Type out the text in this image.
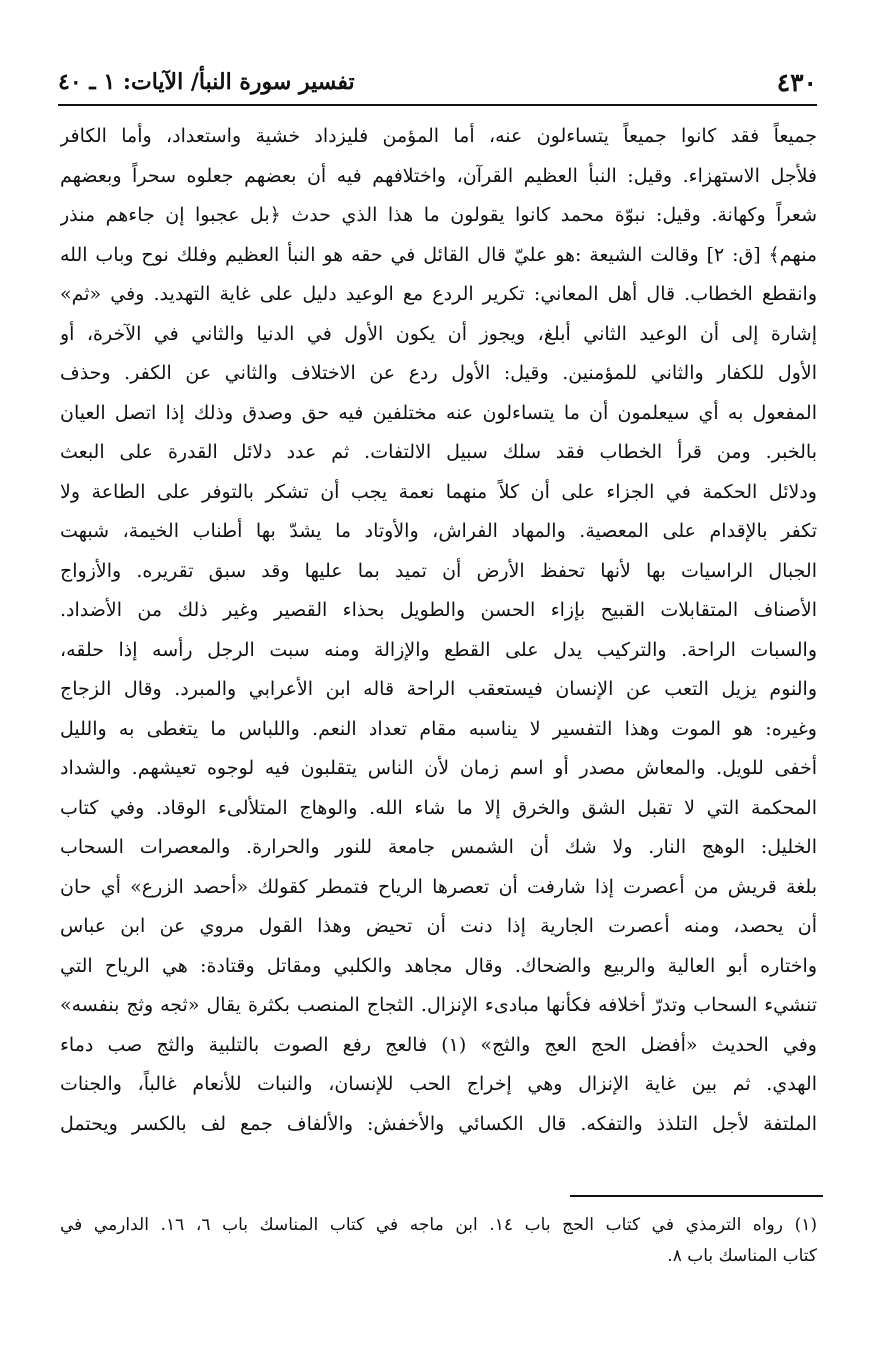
٤٣٠
تفسير سورة النبأ/ الآيات: ١ ـ ٤٠
جميعاً فقد كانوا جميعاً يتساءلون عنه، أما المؤمن فليزداد خشية واستعداد، وأما الكافر
فلأجل الاستهزاء. وقيل: النبأ العظيم القرآن، واختلافهم فيه أن بعضهم جعلوه سحراً وبعضهم
شعراً وكهانة. وقيل: نبوّة محمد كانوا يقولون ما هذا الذي حدث ﴿بل عجبوا إن جاءهم منذر
منهم﴾ [ق: ٢] وقالت الشيعة :هو عليّ قال القائل في حقه هو النبأ العظيم وفلك نوح وباب الله
وانقطع الخطاب. قال أهل المعاني: تكرير الردع مع الوعيد دليل على غاية التهديد. وفي «ثم»
إشارة إلى أن الوعيد الثاني أبلغ، ويجوز أن يكون الأول في الدنيا والثاني في الآخرة، أو
الأول للكفار والثاني للمؤمنين. وقيل: الأول ردع عن الاختلاف والثاني عن الكفر. وحذف
المفعول به أي سيعلمون أن ما يتساءلون عنه مختلفين فيه حق وصدق وذلك إذا اتصل العيان
بالخبر. ومن قرأ الخطاب فقد سلك سبيل الالتفات. ثم عدد دلائل القدرة على البعث
ودلائل الحكمة في الجزاء على أن كلاً منهما نعمة يجب أن تشكر بالتوفر على الطاعة ولا
تكفر بالإقدام على المعصية. والمهاد الفراش، والأوتاد ما يشدّ بها أطناب الخيمة، شبهت
الجبال الراسيات بها لأنها تحفظ الأرض أن تميد بما عليها وقد سبق تقريره. والأزواج
الأصناف المتقابلات القبيح بإزاء الحسن والطويل بحذاء القصير وغير ذلك من الأضداد.
والسبات الراحة. والتركيب يدل على القطع والإزالة ومنه سبت الرجل رأسه إذا حلقه،
والنوم يزيل التعب عن الإنسان فيستعقب الراحة قاله ابن الأعرابي والمبرد. وقال الزجاج
وغيره: هو الموت وهذا التفسير لا يناسبه مقام تعداد النعم. واللباس ما يتغطى به والليل
أخفى للويل. والمعاش مصدر أو اسم زمان لأن الناس يتقلبون فيه لوجوه تعيشهم. والشداد
المحكمة التي لا تقبل الشق والخرق إلا ما شاء الله. والوهاج المتلألىء الوقاد. وفي كتاب
الخليل: الوهج النار. ولا شك أن الشمس جامعة للنور والحرارة. والمعصرات السحاب
بلغة قريش من أعصرت إذا شارفت أن تعصرها الرياح فتمطر كقولك «أحصد الزرع» أي حان
أن يحصد، ومنه أعصرت الجارية إذا دنت أن تحيض وهذا القول مروي عن ابن عباس
واختاره أبو العالية والربيع والضحاك. وقال مجاهد والكلبي ومقاتل وقتادة: هي الرياح التي
تنشيء السحاب وتدرّ أخلافه فكأنها مبادىء الإنزال. الثجاج المنصب بكثرة يقال «ثجه وثج بنفسه»
وفي الحديث «أفضل الحج العج والثج» (١) فالعج رفع الصوت بالتلبية والثج صب دماء
الهدي. ثم بين غاية الإنزال وهي إخراج الحب للإنسان، والنبات للأنعام غالباً، والجنات
الملتفة لأجل التلذذ والتفكه. قال الكسائي والأخفش: والألفاف جمع لف بالكسر ويحتمل
(١) رواه الترمذي في كتاب الحج باب ١٤. ابن ماجه في كتاب المناسك باب ٦، ١٦. الدارمي في
كتاب المناسك باب ٨.
